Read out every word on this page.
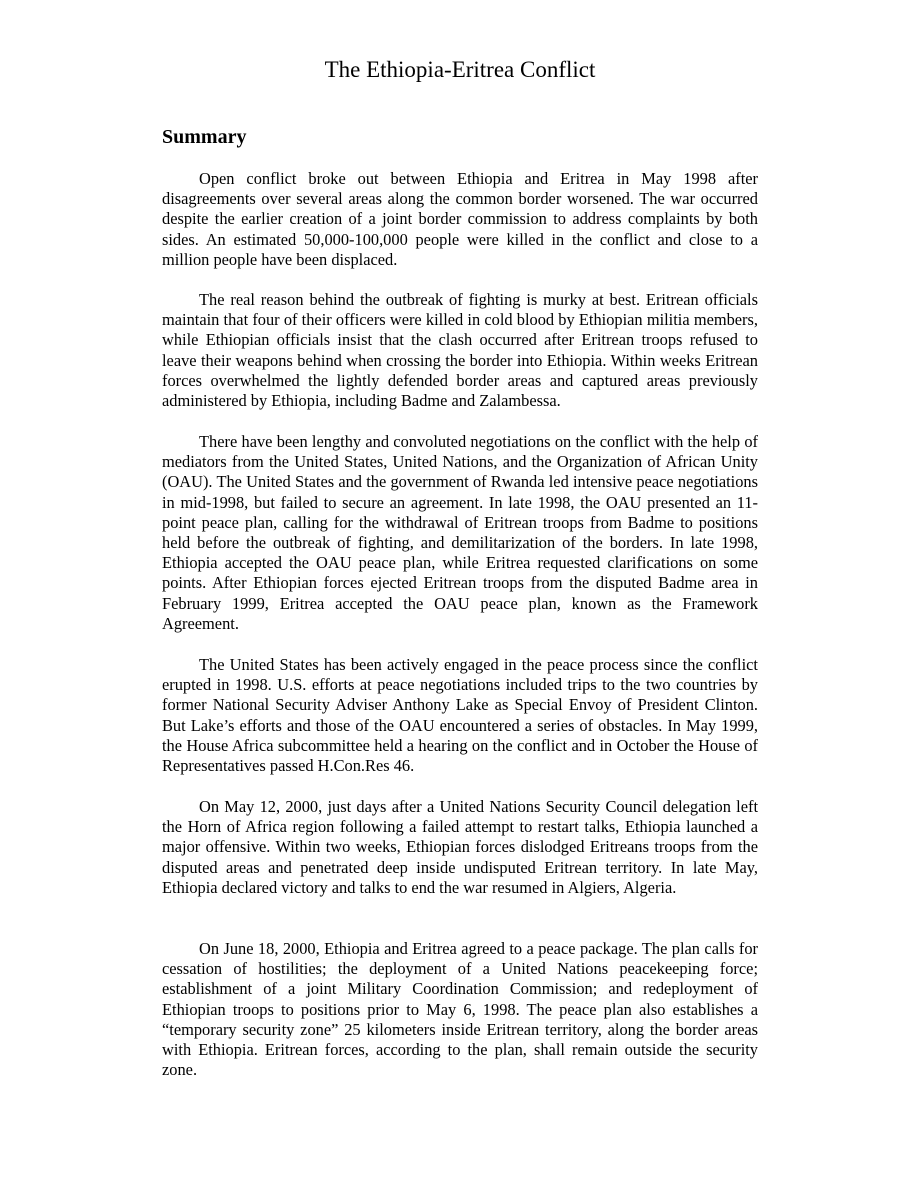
The Ethiopia-Eritrea Conflict
Summary

Open conflict broke out between Ethiopia and Eritrea in May 1998 after disagreements over several areas along the common border worsened. The war occurred despite the earlier creation of a joint border commission to address complaints by both sides. An estimated 50,000-100,000 people were killed in the conflict and close to a million people have been displaced.

The real reason behind the outbreak of fighting is murky at best. Eritrean officials maintain that four of their officers were killed in cold blood by Ethiopian militia members, while Ethiopian officials insist that the clash occurred after Eritrean troops refused to leave their weapons behind when crossing the border into Ethiopia. Within weeks Eritrean forces overwhelmed the lightly defended border areas and captured areas previously administered by Ethiopia, including Badme and Zalambessa.

There have been lengthy and convoluted negotiations on the conflict with the help of mediators from the United States, United Nations, and the Organization of African Unity (OAU). The United States and the government of Rwanda led intensive peace negotiations in mid-1998, but failed to secure an agreement. In late 1998, the OAU presented an 11-point peace plan, calling for the withdrawal of Eritrean troops from Badme to positions held before the outbreak of fighting, and demilitarization of the borders. In late 1998, Ethiopia accepted the OAU peace plan, while Eritrea requested clarifications on some points. After Ethiopian forces ejected Eritrean troops from the disputed Badme area in February 1999, Eritrea accepted the OAU peace plan, known as the Framework Agreement.

The United States has been actively engaged in the peace process since the conflict erupted in 1998. U.S. efforts at peace negotiations included trips to the two countries by former National Security Adviser Anthony Lake as Special Envoy of President Clinton. But Lake’s efforts and those of the OAU encountered a series of obstacles. In May 1999, the House Africa subcommittee held a hearing on the conflict and in October the House of Representatives passed H.Con.Res 46.

On May 12, 2000, just days after a United Nations Security Council delegation left the Horn of Africa region following a failed attempt to restart talks, Ethiopia launched a major offensive. Within two weeks, Ethiopian forces dislodged Eritreans troops from the disputed areas and penetrated deep inside undisputed Eritrean territory. In late May, Ethiopia declared victory and talks to end the war resumed in Algiers, Algeria.

On June 18, 2000, Ethiopia and Eritrea agreed to a peace package. The plan calls for cessation of hostilities; the deployment of a United Nations peacekeeping force; establishment of a joint Military Coordination Commission; and redeployment of Ethiopian troops to positions prior to May 6, 1998. The peace plan also establishes a “temporary security zone” 25 kilometers inside Eritrean territory, along the border areas with Ethiopia. Eritrean forces, according to the plan, shall remain outside the security zone.
